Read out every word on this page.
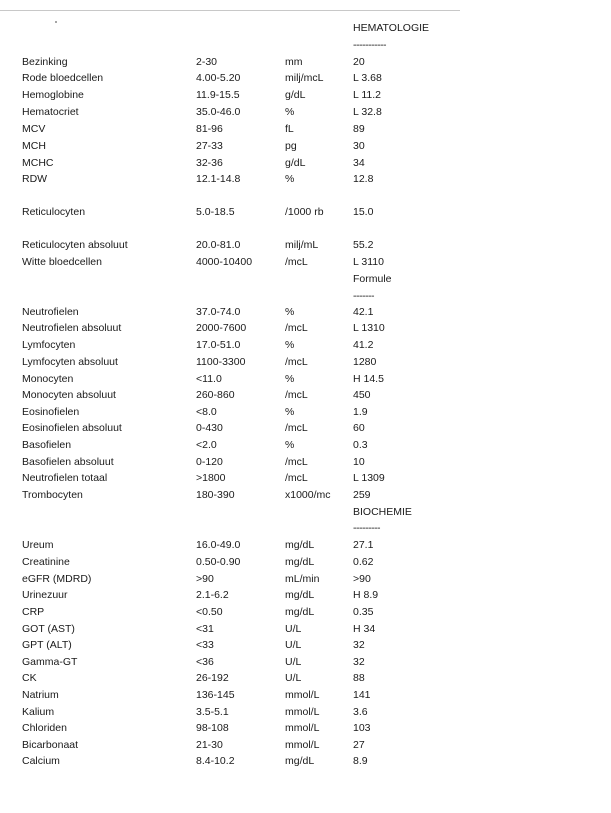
HEMATOLOGIE
-----------
Bezinking	2-30	mm	20
Rode bloedcellen	4.00-5.20	milj/mcL	L 3.68
Hemoglobine	11.9-15.5	g/dL	L 11.2
Hematocriet	35.0-46.0	%	L 32.8
MCV	81-96	fL	89
MCH	27-33	pg	30
MCHC	32-36	g/dL	34
RDW	12.1-14.8	%	12.8
Reticulocyten	5.0-18.5	/1000 rb	15.0
Reticulocyten absoluut	20.0-81.0	milj/mL	55.2
Witte bloedcellen	4000-10400	/mcL	L 3110
Formule
-------
Neutrofielen	37.0-74.0	%	42.1
Neutrofielen absoluut	2000-7600	/mcL	L 1310
Lymfocyten	17.0-51.0	%	41.2
Lymfocyten absoluut	1100-3300	/mcL	1280
Monocyten	<11.0	%	H 14.5
Monocyten absoluut	260-860	/mcL	450
Eosinofielen	<8.0	%	1.9
Eosinofielen absoluut	0-430	/mcL	60
Basofielen	<2.0	%	0.3
Basofielen absoluut	0-120	/mcL	10
Neutrofielen totaal	>1800	/mcL	L 1309
Trombocyten	180-390	x1000/mc 259
BIOCHEMIE
---------
Ureum	16.0-49.0	mg/dL	27.1
Creatinine	0.50-0.90	mg/dL	0.62
eGFR (MDRD)	>90	mL/min	>90
Urinezuur	2.1-6.2	mg/dL	H 8.9
CRP	<0.50	mg/dL	0.35
GOT (AST)	<31	U/L	H 34
GPT (ALT)	<33	U/L	32
Gamma-GT	<36	U/L	32
CK	26-192	U/L	88
Natrium	136-145	mmol/L	141
Kalium	3.5-5.1	mmol/L	3.6
Chloriden	98-108	mmol/L	103
Bicarbonaat	21-30	mmol/L	27
Calcium	8.4-10.2	mg/dL	8.9
